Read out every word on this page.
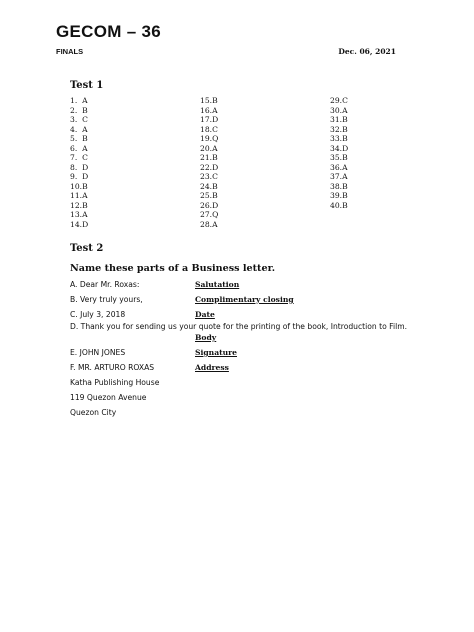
GECOM – 36
FINALS	Dec. 06, 2021
Test 1
1.  A
2.  B
3.  C
4.  A
5.  B
6.  A
7.  C
8.  D
9.  D
10.B
11.A
12.B
13.A
14.D
15.B
16.A
17.D
18.C
19.Q
20.A
21.B
22.D
23.C
24.B
25.B
26.D
27.Q
28.A
29.C
30.A
31.B
32.B
33.B
34.D
35.B
36.A
37.A
38.B
39.B
40.B
Test 2
Name these parts of a Business letter.
A. Dear Mr. Roxas:	Salutation
B. Very truly yours,	Complimentary closing
C. July 3, 2018	Date
D. Thank you for sending us your quote for the printing of the book, Introduction to Film.
Body
E. JOHN JONES	Signature
F. MR. ARTURO ROXAS	Address
Katha Publishing House
119 Quezon Avenue
Quezon City
